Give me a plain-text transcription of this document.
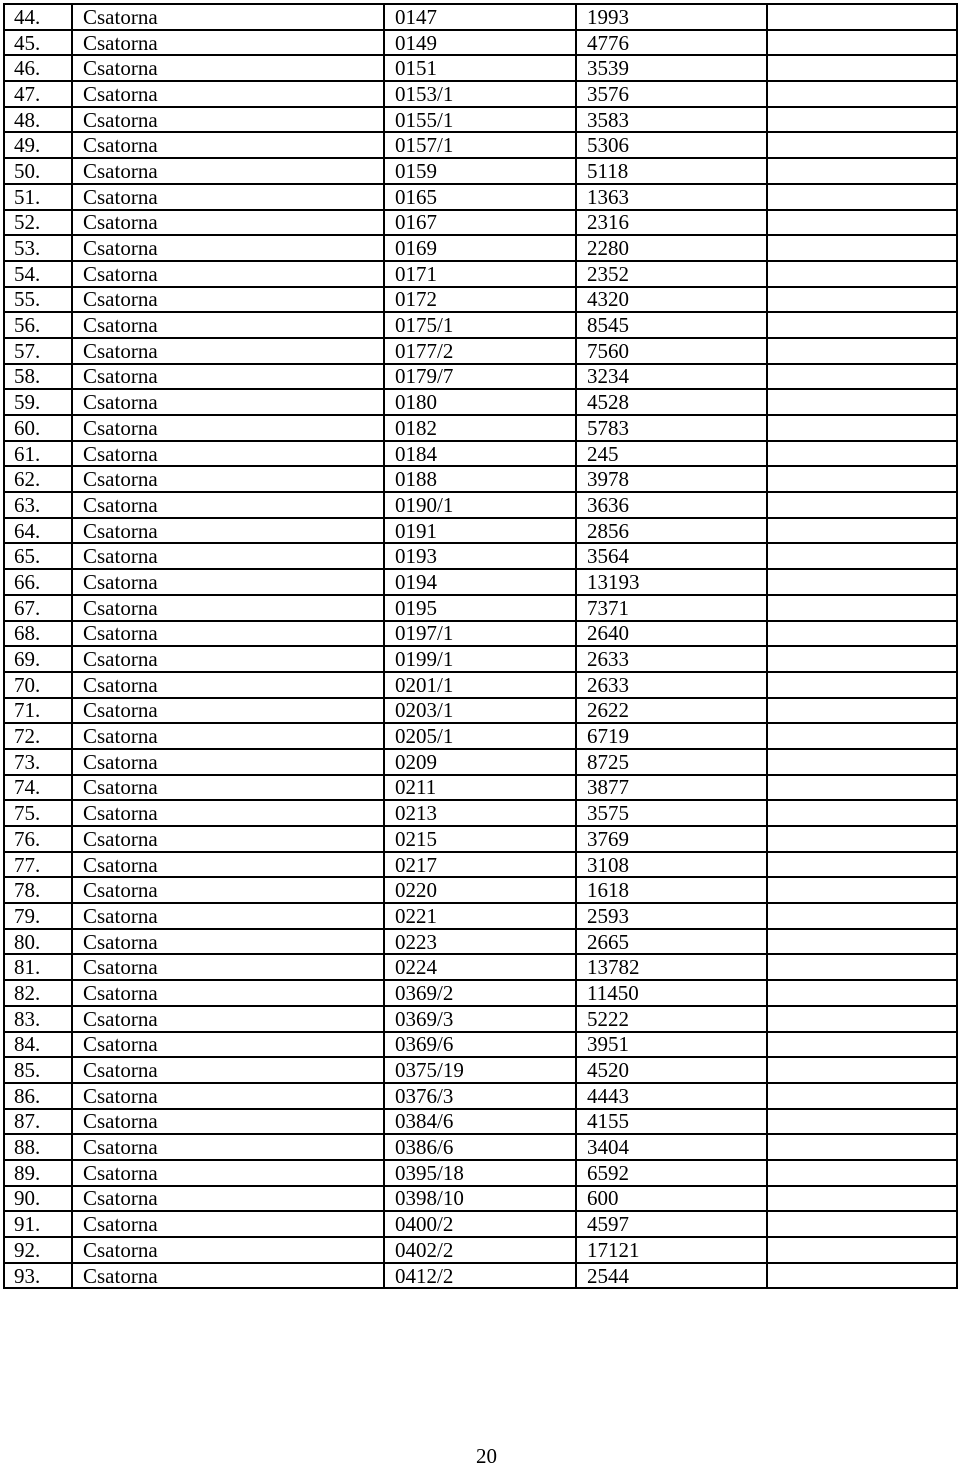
44.	Csatorna	0147	1993	
45.	Csatorna	0149	4776	
46.	Csatorna	0151	3539	
47.	Csatorna	0153/1	3576	
48.	Csatorna	0155/1	3583	
49.	Csatorna	0157/1	5306	
50.	Csatorna	0159	5118	
51.	Csatorna	0165	1363	
52.	Csatorna	0167	2316	
53.	Csatorna	0169	2280	
54.	Csatorna	0171	2352	
55.	Csatorna	0172	4320	
56.	Csatorna	0175/1	8545	
57.	Csatorna	0177/2	7560	
58.	Csatorna	0179/7	3234	
59.	Csatorna	0180	4528	
60.	Csatorna	0182	5783	
61.	Csatorna	0184	245	
62.	Csatorna	0188	3978	
63.	Csatorna	0190/1	3636	
64.	Csatorna	0191	2856	
65.	Csatorna	0193	3564	
66.	Csatorna	0194	13193	
67.	Csatorna	0195	7371	
68.	Csatorna	0197/1	2640	
69.	Csatorna	0199/1	2633	
70.	Csatorna	0201/1	2633	
71.	Csatorna	0203/1	2622	
72.	Csatorna	0205/1	6719	
73.	Csatorna	0209	8725	
74.	Csatorna	0211	3877	
75.	Csatorna	0213	3575	
76.	Csatorna	0215	3769	
77.	Csatorna	0217	3108	
78.	Csatorna	0220	1618	
79.	Csatorna	0221	2593	
80.	Csatorna	0223	2665	
81.	Csatorna	0224	13782	
82.	Csatorna	0369/2	11450	
83.	Csatorna	0369/3	5222	
84.	Csatorna	0369/6	3951	
85.	Csatorna	0375/19	4520	
86.	Csatorna	0376/3	4443	
87.	Csatorna	0384/6	4155	
88.	Csatorna	0386/6	3404	
89.	Csatorna	0395/18	6592	
90.	Csatorna	0398/10	600	
91.	Csatorna	0400/2	4597	
92.	Csatorna	0402/2	17121	
93.	Csatorna	0412/2	2544	
20
